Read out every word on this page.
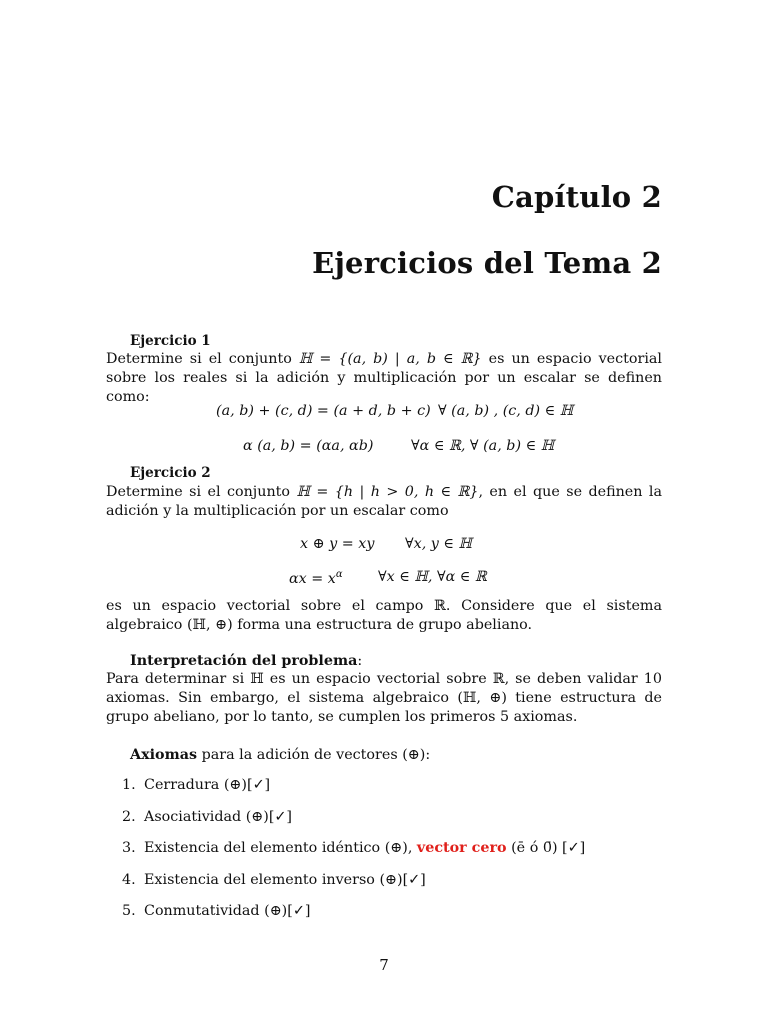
Capítulo 2
Ejercicios del Tema 2
Ejercicio 1
Determine si el conjunto ℍ = {(a, b) | a, b ∈ ℝ} es un espacio vectorial sobre los reales si la adición y multiplicación por un escalar se definen como:
(a, b) + (c, d) = (a + d, b + c) ∀ (a, b) , (c, d) ∈ ℍ
α (a, b) = (αa, αb)	∀α ∈ ℝ, ∀ (a, b) ∈ ℍ
Ejercicio 2
Determine si el conjunto ℍ = {h | h > 0, h ∈ ℝ}, en el que se definen la adición y la multiplicación por un escalar como
x ⊕ y = xy ∀x, y ∈ ℍ
$\alpha x = x^\alpha$ ∀x ∈ ℍ, ∀α ∈ ℝ
es un espacio vectorial sobre el campo ℝ. Considere que el sistema algebraico (ℍ, ⊕) forma una estructura de grupo abeliano.
Interpretación del problema:
Para determinar si ℍ es un espacio vectorial sobre ℝ, se deben validar 10 axiomas. Sin embargo, el sistema algebraico (ℍ, ⊕) tiene estructura de grupo abeliano, por lo tanto, se cumplen los primeros 5 axiomas.
Axiomas para la adición de vectores (⊕):
1. Cerradura (⊕)[✓]
2. Asociatividad (⊕)[✓]
3. Existencia del elemento idéntico (⊕), vector cero (ē ó 0̄) [✓]
4. Existencia del elemento inverso (⊕)[✓]
5. Conmutatividad (⊕)[✓]
7
